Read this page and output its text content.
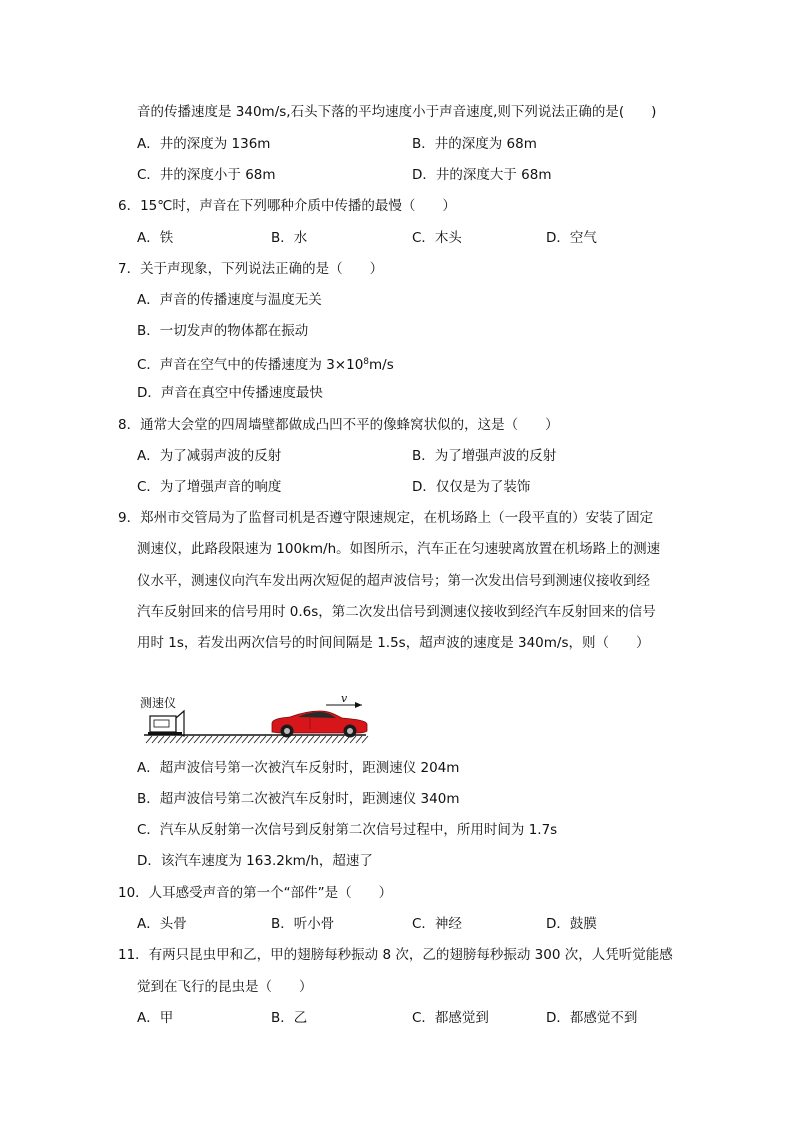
音的传播速度是 340m/s,石头下落的平均速度小于声音速度,则下列说法正确的是(　　)
A．井的深度为 136m	B．井的深度为 68m
C．井的深度小于 68m	D．井的深度大于 68m
6．15℃时，声音在下列哪种介质中传播的最慢（　　）
A．铁	B．水	C．木头	D．空气
7．关于声现象，下列说法正确的是（　　）
A．声音的传播速度与温度无关
B．一切发声的物体都在振动
C．声音在空气中的传播速度为 $3\times 10^8m/s$
D．声音在真空中传播速度最快
8．通常大会堂的四周墙壁都做成凸凹不平的像蜂窝状似的，这是（　　）
A．为了减弱声波的反射	B．为了增强声波的反射
C．为了增强声音的响度	D．仅仅是为了装饰
9．郑州市交管局为了监督司机是否遵守限速规定，在机场路上（一段平直的）安装了固定
测速仪，此路段限速为 100km/h。如图所示，汽车正在匀速驶离放置在机场路上的测速
仪水平，测速仪向汽车发出两次短促的超声波信号；第一次发出信号到测速仪接收到经
汽车反射回来的信号用时 0.6s，第二次发出信号到测速仪接收到经汽车反射回来的信号
用时 1s，若发出两次信号的时间间隔是 1.5s，超声波的速度是 340m/s，则（　　）
测速仪	v
A．超声波信号第一次被汽车反射时，距测速仪 204m
B．超声波信号第二次被汽车反射时，距测速仪 340m
C．汽车从反射第一次信号到反射第二次信号过程中，所用时间为 1.7s
D．该汽车速度为 163.2km/h，超速了
10．人耳感受声音的第一个“部件”是（　　）
A．头骨	B．听小骨	C．神经	D．鼓膜
11．有两只昆虫甲和乙，甲的翅膀每秒振动 8 次，乙的翅膀每秒振动 300 次，人凭听觉能感
觉到在飞行的昆虫是（　　）
A．甲	B．乙	C．都感觉到	D．都感觉不到
